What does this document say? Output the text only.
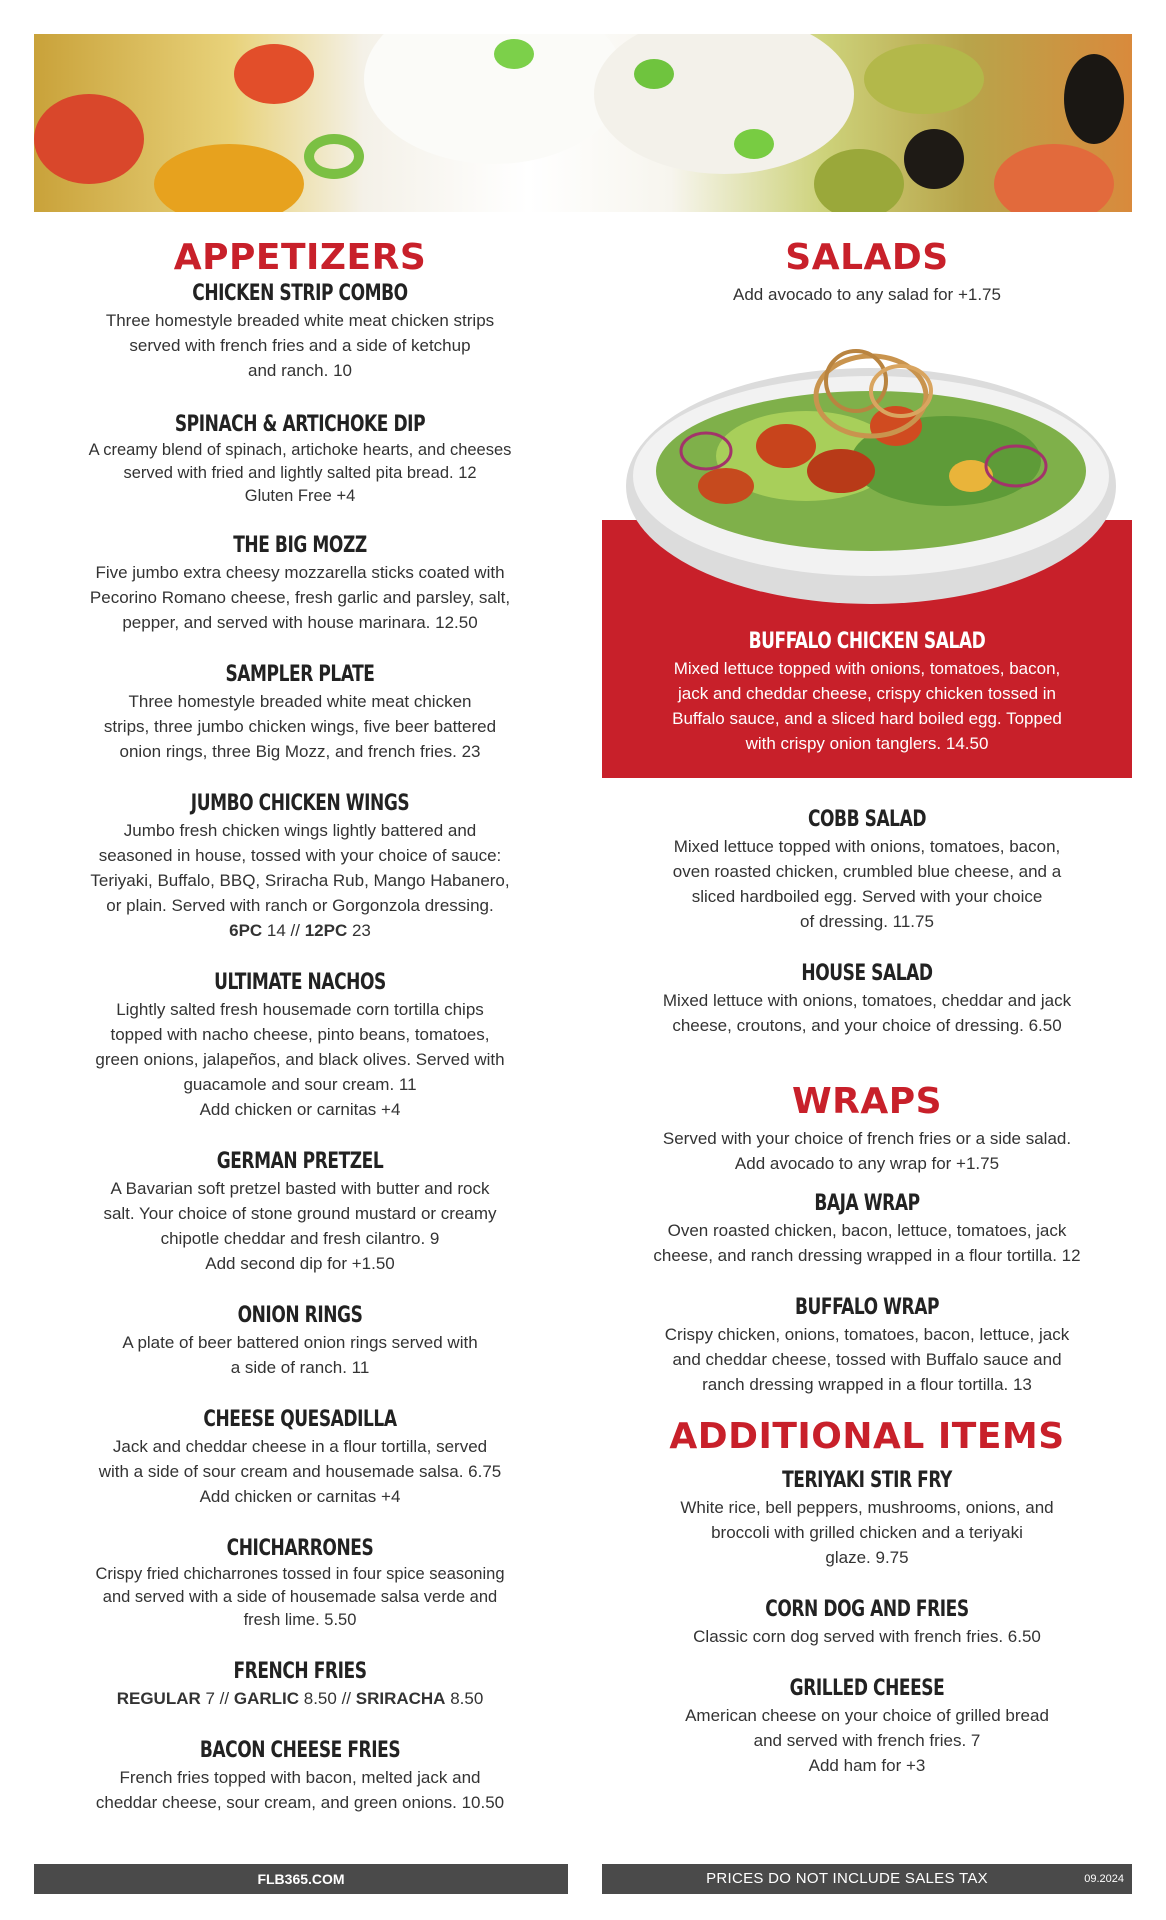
APPETIZERS
CHICKEN STRIP COMBO
Three homestyle breaded white meat chicken strips
served with french fries and a side of ketchup
and ranch. 10
SPINACH & ARTICHOKE DIP
A creamy blend of spinach, artichoke hearts, and cheeses
served with fried and lightly salted pita bread. 12
Gluten Free +4
THE BIG MOZZ
Five jumbo extra cheesy mozzarella sticks coated with
Pecorino Romano cheese, fresh garlic and parsley, salt,
pepper, and served with house marinara. 12.50
SAMPLER PLATE
Three homestyle breaded white meat chicken
strips, three jumbo chicken wings, five beer battered
onion rings, three Big Mozz, and french fries. 23
JUMBO CHICKEN WINGS
Jumbo fresh chicken wings lightly battered and
seasoned in house, tossed with your choice of sauce:
Teriyaki, Buffalo, BBQ, Sriracha Rub, Mango Habanero,
or plain. Served with ranch or Gorgonzola dressing.
6PC 14 // 12PC 23
ULTIMATE NACHOS
Lightly salted fresh housemade corn tortilla chips
topped with nacho cheese, pinto beans, tomatoes,
green onions, jalapeños, and black olives. Served with
guacamole and sour cream. 11
Add chicken or carnitas +4
GERMAN PRETZEL
A Bavarian soft pretzel basted with butter and rock
salt. Your choice of stone ground mustard or creamy
chipotle cheddar and fresh cilantro. 9
Add second dip for +1.50
ONION RINGS
A plate of beer battered onion rings served with
a side of ranch. 11
CHEESE QUESADILLA
Jack and cheddar cheese in a flour tortilla, served
with a side of sour cream and housemade salsa. 6.75
Add chicken or carnitas +4
CHICHARRONES
Crispy fried chicharrones tossed in four spice seasoning
and served with a side of housemade salsa verde and
fresh lime. 5.50
FRENCH FRIES
REGULAR 7 // GARLIC 8.50 // SRIRACHA 8.50
BACON CHEESE FRIES
French fries topped with bacon, melted jack and
cheddar cheese, sour cream, and green onions. 10.50
SALADS
Add avocado to any salad for +1.75
BUFFALO CHICKEN SALAD
Mixed lettuce topped with onions, tomatoes, bacon,
jack and cheddar cheese, crispy chicken tossed in
Buffalo sauce, and a sliced hard boiled egg. Topped
with crispy onion tanglers. 14.50
COBB SALAD
Mixed lettuce topped with onions, tomatoes, bacon,
oven roasted chicken, crumbled blue cheese, and a
sliced hardboiled egg. Served with your choice
of dressing. 11.75
HOUSE SALAD
Mixed lettuce with onions, tomatoes, cheddar and jack
cheese, croutons, and your choice of dressing. 6.50
WRAPS
Served with your choice of french fries or a side salad.
Add avocado to any wrap for +1.75
BAJA WRAP
Oven roasted chicken, bacon, lettuce, tomatoes, jack
cheese, and ranch dressing wrapped in a flour tortilla. 12
BUFFALO WRAP
Crispy chicken, onions, tomatoes, bacon, lettuce, jack
and cheddar cheese, tossed with Buffalo sauce and
ranch dressing wrapped in a flour tortilla. 13
ADDITIONAL ITEMS
TERIYAKI STIR FRY
White rice, bell peppers, mushrooms, onions, and
broccoli with grilled chicken and a teriyaki
glaze. 9.75
CORN DOG AND FRIES
Classic corn dog served with french fries. 6.50
GRILLED CHEESE
American cheese on your choice of grilled bread
and served with french fries. 7
Add ham for +3
FLB365.COM	PRICES DO NOT INCLUDE SALES TAX	09.2024
